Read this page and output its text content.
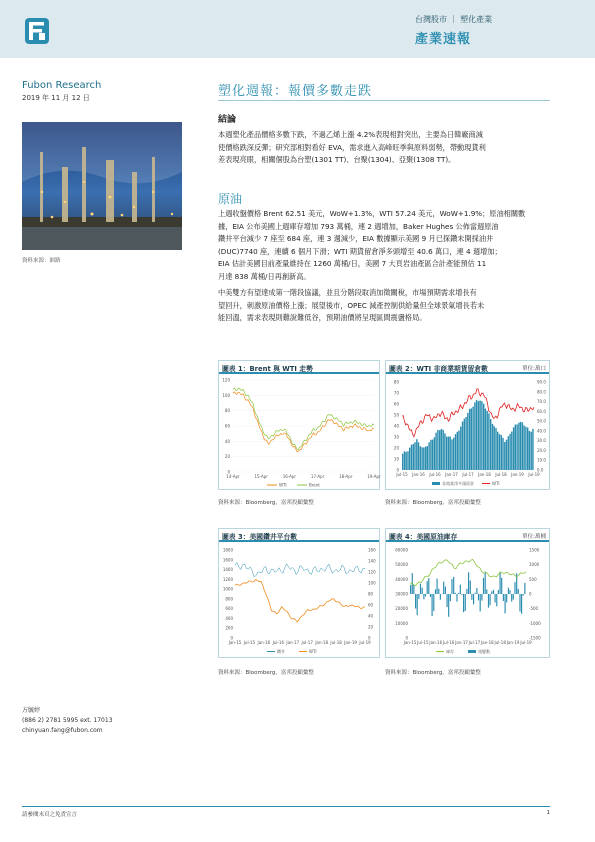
台灣股市 ｜ 塑化產業
產業速報
Fubon Research
2019 年 11 月 12 日
資料來源：網路
塑化週報：報價多數走跌
結論
本週塑化產品價格多數下跌，不過乙烯上漲 4.2%表現相對突出，主要為日韓廠商減
使價格跌深反彈；研究部相對看好 EVA，需求進入高峰旺季與原料弱勢，帶動現貨利
差表現亮眼，相關個股為台塑(1301 TT)、台聚(1304)、亞聚(1308 TT)。
原油
上週收盤價格 Brent 62.51 美元，WoW+1.3%，WTI 57.24 美元，WoW+1.9%；原油相關數
據，EIA 公布美國上週庫存增加 793 萬桶，連 2 週增加，Baker Hughes 公佈當週原油
鑽井平台減少 7 座至 684 座，連 3 週減少，EIA 數據顯示美國 9 月已探鑽未開採油井
(DUC)7740 座，連續 6 個月下滑；WTI 期貨留倉淨多頭增至 40.6 萬口，連 4 週增加；
EIA 估計美國目前產量維持在 1260 萬桶/日，美國 7 大頁岩油產區合計產能預估 11
月達 838 萬桶/日再創新高。
中美雙方有望達成第一階段協議，並且分階段取消加徵關稅，市場預期需求增長有
望回升，刺激原油價格上漲；展望後市，OPEC 減產控制供給量但全球景氣增長若未
能回溫，需求表現則難說難低谷，預期油價將呈現區間震盪格局。
圖表 1：Brent 與 WTI 走勢
120
100
80
60
40
20
0
14-Apr	15-Apr	16-Apr	17-Apr	18-Apr	19-Apr
WTI	Brent
資料來源：Bloomberg，富邦投顧彙整
圖表 2：WTI 非商業期貨留倉數	單位:萬口
80
70
60
50
40
30
20
10
0
90.0
80.0
70.0
60.0
50.0
40.0
30.0
20.0
10.0
0.0
Jul-15 Jan-16 Jul-16 Jan-17 Jul-17 Jan-18 Jul-18 Jan-19 Jul-19
非商業淨多頭留倉	WTI
資料來源：Bloomberg，富邦投顧彙整
圖表 3：美國鑽井平台數
1800
1600
1400
1200
1000
800
600
400
200
0
160
140
120
100
80
60
40
20
0
Jan-15 Jul-15 Jan-16 Jul-16 Jan-17 Jul-17 Jan-18 Jul-18 Jan-19 Jul-19
鑽井	WTI
資料來源：Bloomberg，富邦投顧彙整
圖表 4：美國原油庫存	單位:萬桶
60000
50000
40000
30000
20000
10000
0
1500
1000
500
0
-500
-1000
-1500
Jan-15 Jul-15 Jan-16 Jul-16 Jan-17 Jul-17 Jan-18 Jul-18 Jan-19 Jul-19
庫存	週變動
資料來源：Bloomberg，富邦投顧彙整
方毓婷
(886 2) 2781 5995 ext. 17013
chinyuan.fang@fubon.com
請參閱末頁之免責宣言	1
